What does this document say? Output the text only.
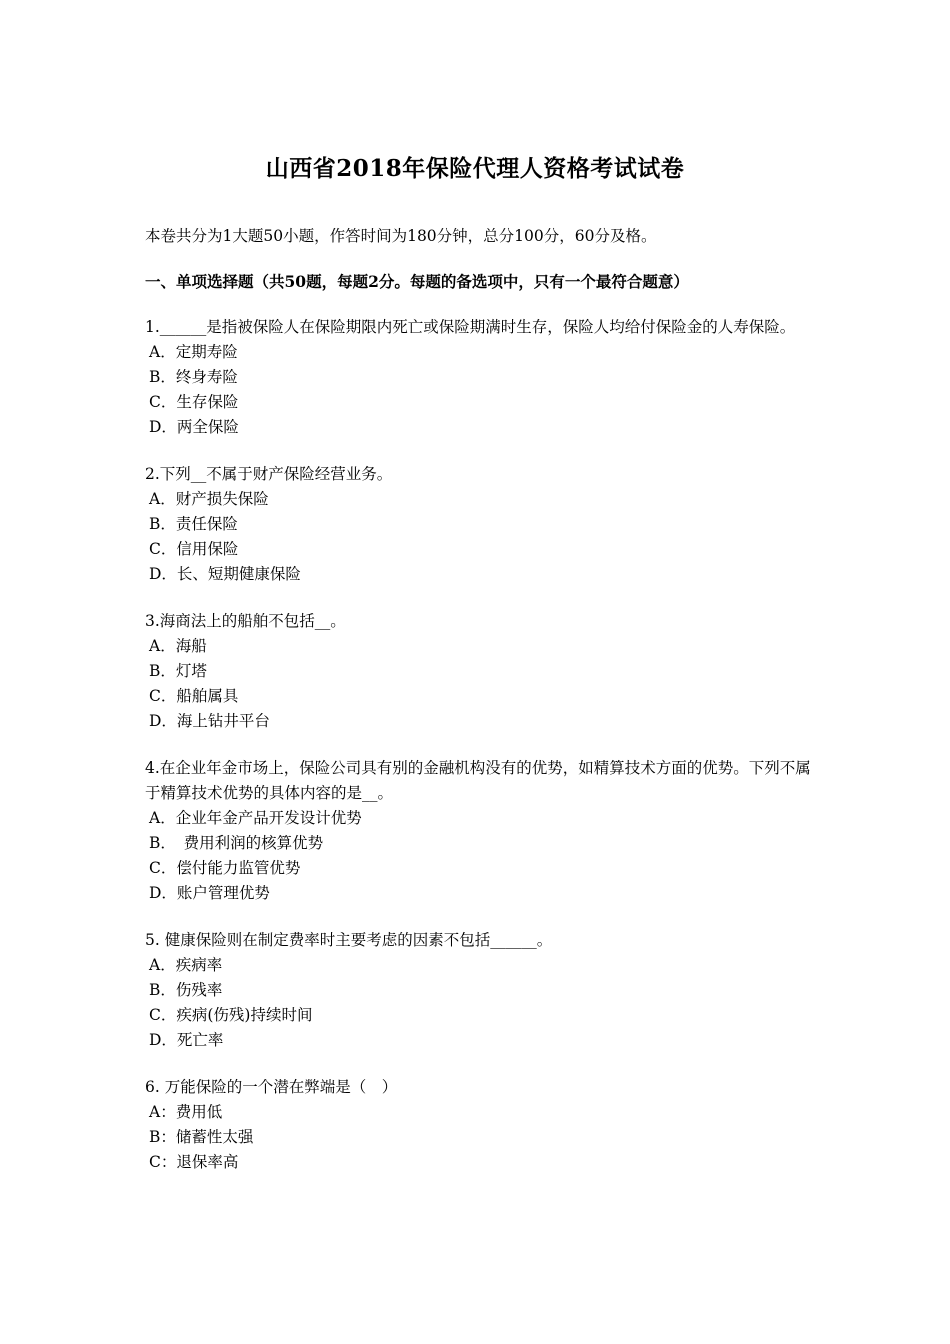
山西省2018年保险代理人资格考试试卷

本卷共分为1大题50小题，作答时间为180分钟，总分100分，60分及格。

一、单项选择题（共50题，每题2分。每题的备选项中，只有一个最符合题意）

1.______是指被保险人在保险期限内死亡或保险期满时生存，保险人均给付保险金的人寿保险。

A．定期寿险
B．终身寿险
C．生存保险
D．两全保险

2.下列__不属于财产保险经营业务。

A．财产损失保险
B．责任保险
C．信用保险
D．长、短期健康保险

3.海商法上的船舶不包括__。

A．海船
B．灯塔
C．船舶属具
D．海上钻井平台

4.在企业年金市场上，保险公司具有别的金融机构没有的优势，如精算技术方面的优势。下列不属于精算技术优势的具体内容的是__。

A．企业年金产品开发设计优势
B．　费用利润的核算优势
C．偿付能力监管优势
D．账户管理优势

5. 健康保险则在制定费率时主要考虑的因素不包括______。

A．疾病率
B．伤残率
C．疾病(伤残)持续时间
D．死亡率

6. 万能保险的一个潜在弊端是（　）

A：费用低
B：储蓄性太强
C：退保率高
